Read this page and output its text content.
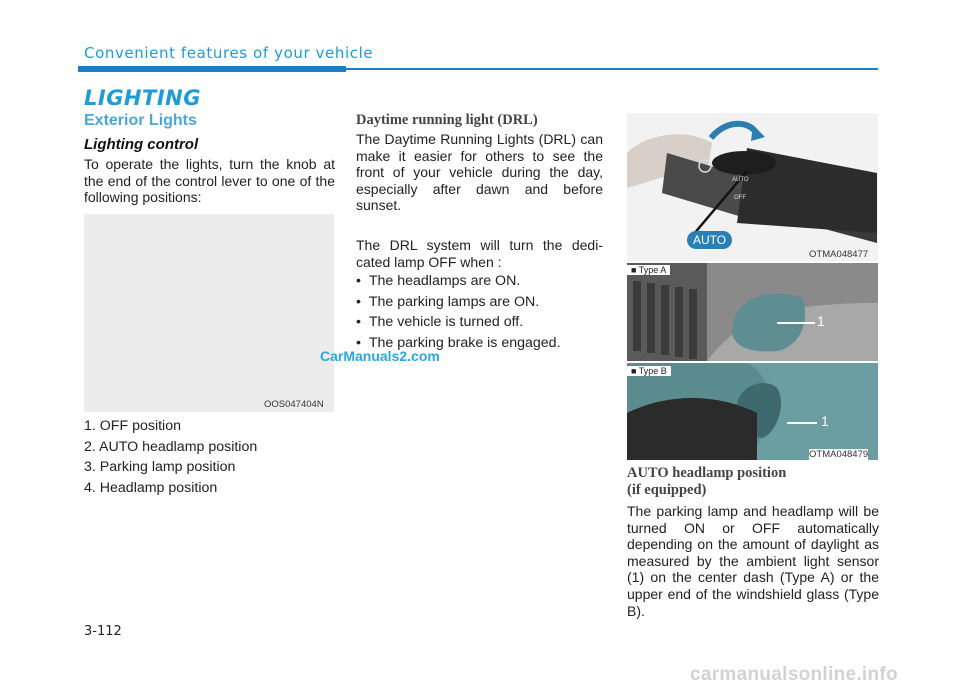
Convenient features of your vehicle
LIGHTING
Exterior Lights
Lighting control
To operate the lights, turn the knob at the end of the control lever to one of the following positions:
OOS047404N
1. OFF position
2. AUTO headlamp position
3. Parking lamp position
4. Headlamp position
Daytime running light (DRL)
The Daytime Running Lights (DRL) can make it easier for others to see the front of your vehicle during the day, especially after dawn and before sunset.
The DRL system will turn the dedi-cated lamp OFF when :
•  The headlamps are ON.
•  The parking lamps are ON.
•  The vehicle is turned off.
•  The parking brake is engaged.
AUTO
OFF
AUTO
OTMA048477
■ Type A
1
■ Type B
1
OTMA048479
AUTO headlamp position
(if equipped)
The parking lamp and headlamp will be turned ON or OFF automatically depending on the amount of daylight as measured by the ambient light sensor (1) on the center dash (Type A) or the upper end of the windshield glass (Type B).
3-112
CarManuals2.com
carmanualsonline.info
